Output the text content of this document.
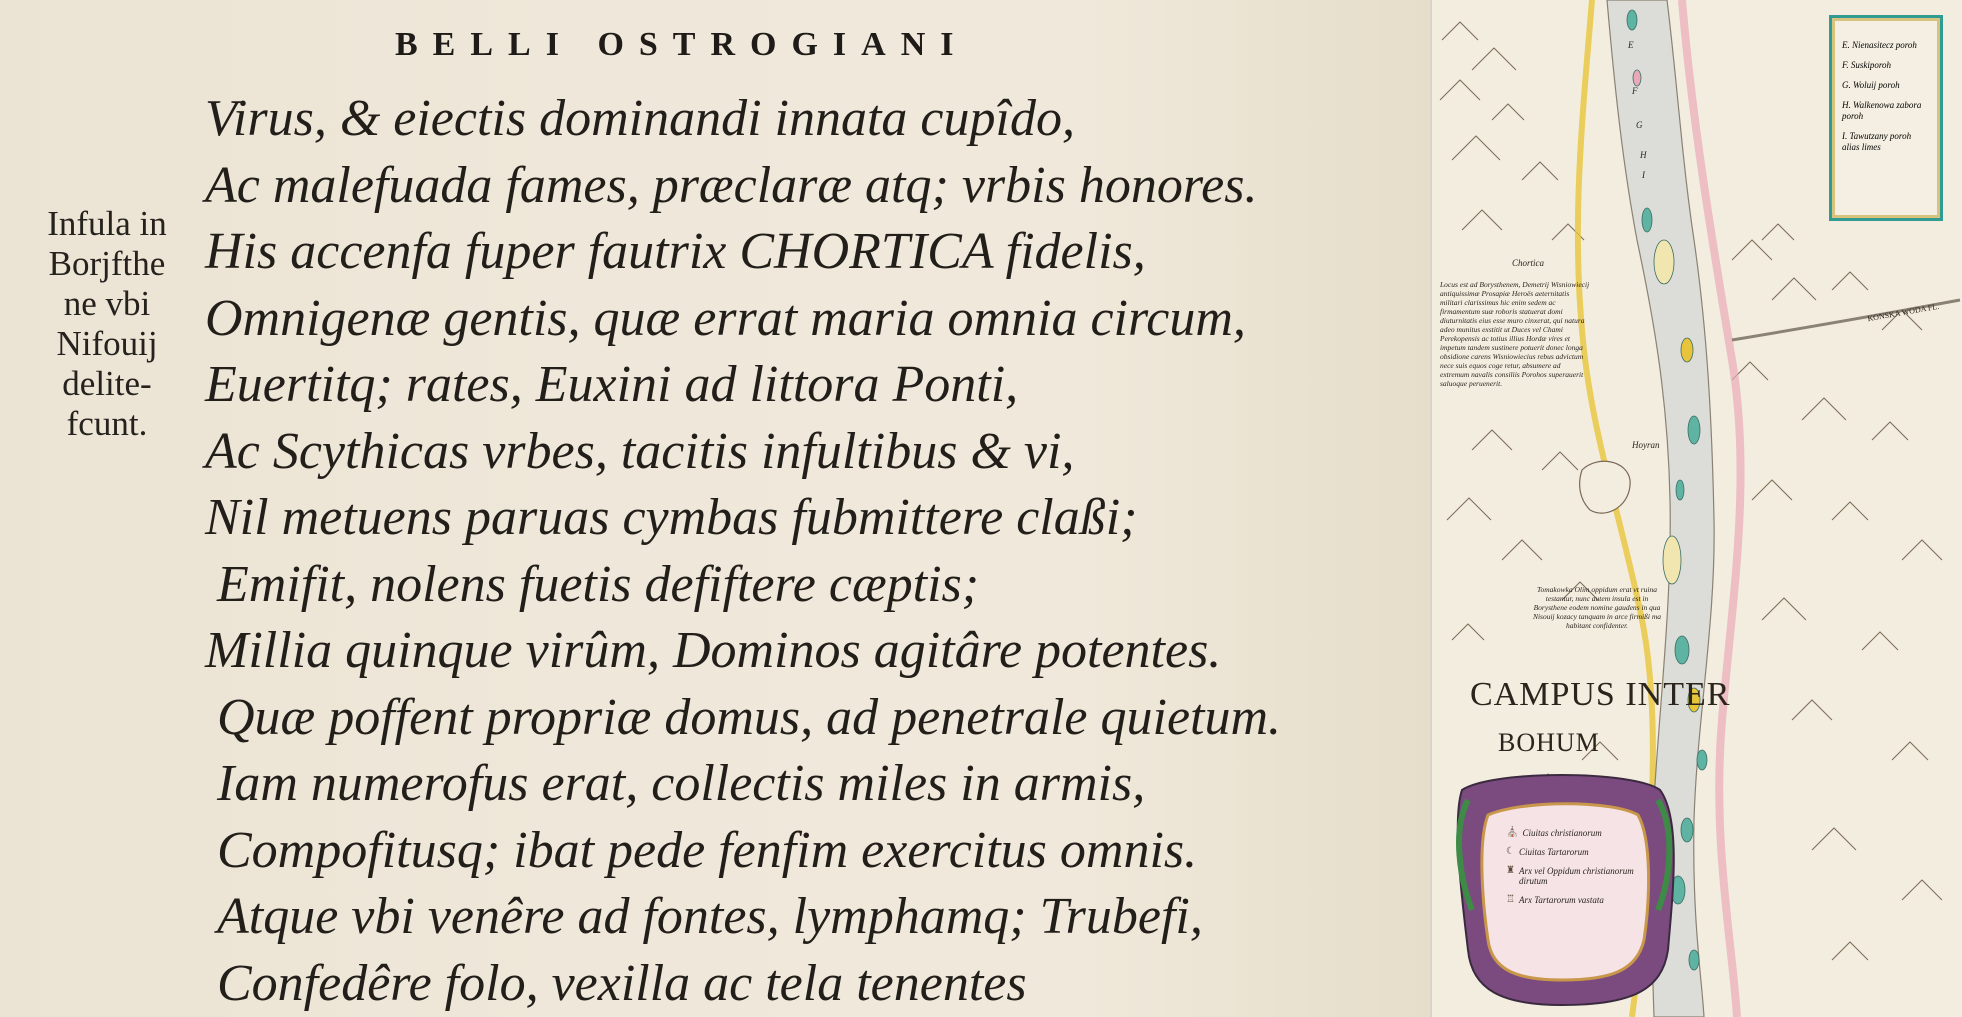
BELLI OSTROGIANI
Infula in
Borjfthe
ne vbi
Nifouij
delite-
fcunt.
Virus, & eiectis dominandi innata cupîdo,
Ac malefuada fames, præclaræ atq; vrbis honores.
His accenfa fuper fautrix CHORTICA fidelis,
Omnigenæ gentis, quæ errat maria omnia circum,
Euertitq; rates, Euxini ad littora Ponti,
Ac Scythicas vrbes, tacitis infultibus & vi,
Nil metuens paruas cymbas fubmittere claßi;
Emifit, nolens fuetis defiftere cæptis;
Millia quinque virûm, Dominos agitâre potentes.
Quæ poffent propriæ domus, ad penetrale quietum.
Iam numerofus erat, collectis miles in armis,
Compofitusq; ibat pede fenfim exercitus omnis.
Atque vbi venêre ad fontes, lymphamq; Trubefi,
Confedêre folo, vexilla ac tela tenentes
E. Nienasitecz poroh
F. Suskiporoh
G. Woluij poroh
H. Walkenowa zabora poroh
I. Tawutzany poroh alias limes
E
F
G
H
I
Chortica
Hoyran
KONSKA WODA FL.
Locus est ad Borysthenem, Demetrij Wisniowiecij antiquissimæ Prosapiæ Heroës aeternitatis militari clarissimus hic enim sedem ac firmamentum suæ roboris statuerat domi diuturnitatis eius esse muro cinxerat, qui natura adeo munitus exstitit ut Duces vel Chami Perekopensis ac totius illius Hordæ vires et impetum tandem sustinere potuerit donec longa obsidione carens Wisniowiecius rebus advictum nece suis equos coge retur, absumere ad extremum navalis consiliis Porohos superauerit saluoque peruenerit.
Tomakowka Olim oppidum erat vt ruina testantur, nunc autem insula est in Borysthene eodem nomine gaudens in qua Nisouij kozacy tanquam in arce firmißi ma habitant confidenter.
CAMPUS INTER
BOHUM
⛪ Ciuitas christianorum
☾ Ciuitas Tartarorum
♜ Arx vel Oppidum christianorum dirutum
♖ Arx Tartarorum vastata
